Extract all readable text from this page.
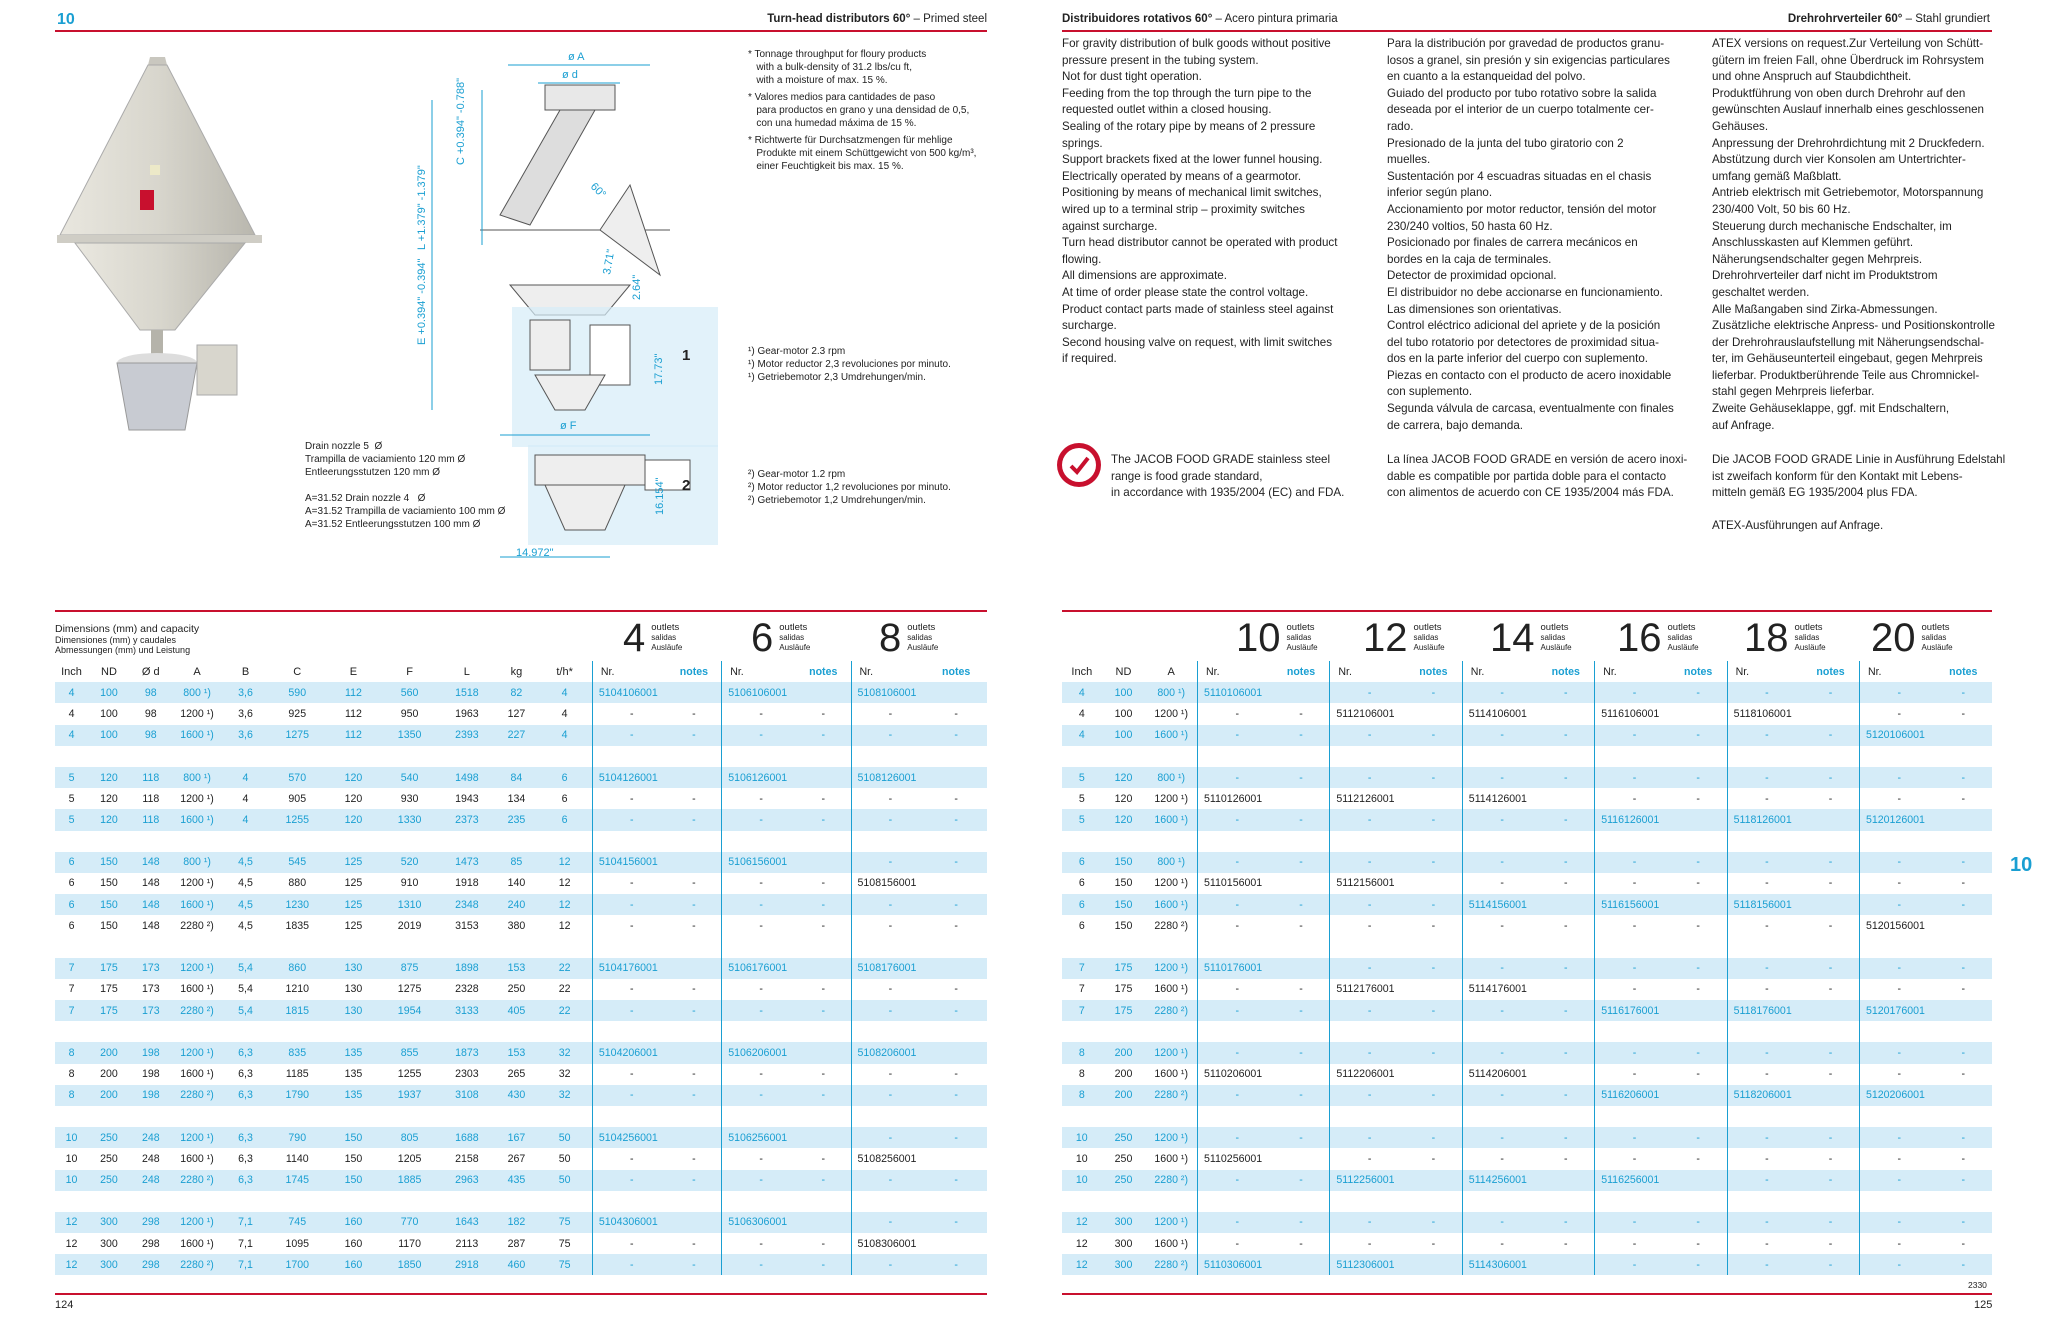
10	Turn-head distributors 60° – Primed steel	Distribuidores rotativos 60° – Acero pintura primaria	Drehrohrverteiler 60° – Stahl grundiert
ø A
ø d
60°
C +0.394" -0.788"
L +1.379" -1.379"
E +0.394" -0.394"	2.64"
17.73"
3.71"
ø F
1
16.154" 2
14.972"
Drain nozzle 5  Ø
Trampilla de vaciamiento 120 mm Ø
Entleerungsstutzen 120 mm Ø

A=31.52 Drain nozzle 4   Ø
A=31.52 Trampilla de vaciamiento 100 mm Ø
A=31.52 Entleerungsstutzen 100 mm Ø
* Tonnage throughput for floury products
with a bulk-density of 31.2 lbs/cu ft,
with a moisture of max. 15 %.
* Valores medios para cantidades de paso
para productos en grano y una densidad de 0,5,
con una humedad máxima de 15 %.
* Richtwerte für Durchsatzmengen für mehlige
Produkte mit einem Schüttgewicht von 500 kg/m³,
einer Feuchtigkeit bis max. 15 %.
¹) Gear-motor 2.3 rpm
¹) Motor reductor 2,3 revoluciones por minuto.
¹) Getriebemotor 2,3 Umdrehungen/min.
²) Gear-motor 1.2 rpm
²) Motor reductor 1,2 revoluciones por minuto.
²) Getriebemotor 1,2 Umdrehungen/min.
For gravity distribution of bulk goods without positive
pressure present in the tubing system.
Not for dust tight operation.
Feeding from the top through the turn pipe to the
requested outlet within a closed housing.
Sealing of the rotary pipe by means of 2 pressure
springs.
Support brackets fixed at the lower funnel housing.
Electrically operated by means of a gearmotor.
Positioning by means of mechanical limit switches,
wired up to a terminal strip – proximity switches
against surcharge.
Turn head distributor cannot be operated with product
flowing.
All dimensions are approximate.
At time of order please state the control voltage.
Product contact parts made of stainless steel against
surcharge.
Second housing valve on request, with limit switches
if required.
Para la distribución por gravedad de productos granu-
losos a granel, sin presión y sin exigencias particulares
en cuanto a la estanqueidad del polvo.
Guiado del producto por tubo rotativo sobre la salida
deseada por el interior de un cuerpo totalmente cer-
rado.
Presionado de la junta del tubo giratorio con 2
muelles.
Sustentación por 4 escuadras situadas en el chasis
inferior según plano.
Accionamiento por motor reductor, tensión del motor
230/240 voltios, 50 hasta 60 Hz.
Posicionado por finales de carrera mecánicos en
bordes en la caja de terminales.
Detector de proximidad opcional.
El distribuidor no debe accionarse en funcionamiento.
Las dimensiones son orientativas.
Control eléctrico adicional del apriete y de la posición
del tubo rotatorio por detectores de proximidad situa-
dos en la parte inferior del cuerpo con suplemento.
Piezas en contacto con el producto de acero inoxidable
con suplemento.
Segunda válvula de carcasa, eventualmente con finales
de carrera, bajo demanda.
ATEX versions on request.Zur Verteilung von Schütt-
gütern im freien Fall, ohne Überdruck im Rohrsystem
und ohne Anspruch auf Staubdichtheit.
Produktführung von oben durch Drehrohr auf den
gewünschten Auslauf innerhalb eines geschlossenen
Gehäuses.
Anpressung der Drehrohrdichtung mit 2 Druckfedern.
Abstützung durch vier Konsolen am Untertrichter-
umfang gemäß Maßblatt.
Antrieb elektrisch mit Getriebemotor, Motorspannung
230/400 Volt, 50 bis 60 Hz.
Steuerung durch mechanische Endschalter, im
Anschlusskasten auf Klemmen geführt.
Näherungsendschalter gegen Mehrpreis.
Drehrohrverteiler darf nicht im Produktstrom
geschaltet werden.
Alle Maßangaben sind Zirka-Abmessungen.
Zusätzliche elektrische Anpress- und Positionskontrolle
der Drehrohrauslaufstellung mit Näherungsendschal-
ter, im Gehäuseunterteil eingebaut, gegen Mehrpreis
lieferbar. Produktberührende Teile aus Chromnickel-
stahl gegen Mehrpreis lieferbar.
Zweite Gehäuseklappe, ggf. mit Endschaltern,
auf Anfrage.
The JACOB FOOD GRADE stainless steel
range is food grade standard,
in accordance with 1935/2004 (EC) and FDA.
La línea JACOB FOOD GRADE en versión de acero inoxi-
dable es compatible por partida doble para el contacto
con alimentos de acuerdo con CE 1935/2004 más FDA.
Die JACOB FOOD GRADE Linie in Ausführung Edelstahl
ist zweifach konform für den Kontakt mit Lebens-
mitteln gemäß EG 1935/2004 plus FDA.

ATEX-Ausführungen auf Anfrage.
Dimensions (mm) and capacity
Dimensiones (mm) y caudales
Abmessungen (mm) und Leistung	4 outlets
salidas
Ausläufe 6 outlets
salidas
Ausläufe 8 outlets
salidas
Ausläufe	10 outlets
salidas
Ausläufe 12 outlets
salidas
Ausläufe 14 outlets
salidas
Ausläufe 16 outlets
salidas
Ausläufe 18 outlets
salidas
Ausläufe 20 outlets
salidas
Ausläufe
Inch	ND	Ø d	A	B	C	E	F	L	kg	t/h*	Nr.	notes	Nr.	notes	Nr.	notes
4	100	98	800 ¹)	3,6	590	112	560	1518	82	4	5104106001		5106106001		5108106001	
4	100	98	1200 ¹)	3,6	925	112	950	1963	127	4	-	-	-	-	-	-
4	100	98	1600 ¹)	3,6	1275	112	1350	2393	227	4	-	-	-	-	-	-

5	120	118	800 ¹)	4	570	120	540	1498	84	6	5104126001		5106126001		5108126001	
5	120	118	1200 ¹)	4	905	120	930	1943	134	6	-	-	-	-	-	-
5	120	118	1600 ¹)	4	1255	120	1330	2373	235	6	-	-	-	-	-	-

6	150	148	800 ¹)	4,5	545	125	520	1473	85	12	5104156001		5106156001		-	-
6	150	148	1200 ¹)	4,5	880	125	910	1918	140	12	-	-	-	-	5108156001	
6	150	148	1600 ¹)	4,5	1230	125	1310	2348	240	12	-	-	-	-	-	-
6	150	148	2280 ²)	4,5	1835	125	2019	3153	380	12	-	-	-	-	-	-

7	175	173	1200 ¹)	5,4	860	130	875	1898	153	22	5104176001		5106176001		5108176001	
7	175	173	1600 ¹)	5,4	1210	130	1275	2328	250	22	-	-	-	-	-	-
7	175	173	2280 ²)	5,4	1815	130	1954	3133	405	22	-	-	-	-	-	-

8	200	198	1200 ¹)	6,3	835	135	855	1873	153	32	5104206001		5106206001		5108206001	
8	200	198	1600 ¹)	6,3	1185	135	1255	2303	265	32	-	-	-	-	-	-
8	200	198	2280 ²)	6,3	1790	135	1937	3108	430	32	-	-	-	-	-	-

10	250	248	1200 ¹)	6,3	790	150	805	1688	167	50	5104256001		5106256001		-	-
10	250	248	1600 ¹)	6,3	1140	150	1205	2158	267	50	-	-	-	-	5108256001	
10	250	248	2280 ²)	6,3	1745	150	1885	2963	435	50	-	-	-	-	-	-

12	300	298	1200 ¹)	7,1	745	160	770	1643	182	75	5104306001		5106306001		-	-
12	300	298	1600 ¹)	7,1	1095	160	1170	2113	287	75	-	-	-	-	5108306001	
12	300	298	2280 ²)	7,1	1700	160	1850	2918	460	75	-	-	-	-	-	-
Inch	ND	A	Nr.	notes	Nr.	notes	Nr.	notes	Nr.	notes	Nr.	notes	Nr.	notes
4	100	800 ¹)	5110106001		-	-	-	-	-	-	-	-	-	-
4	100	1200 ¹)	-	-	5112106001		5114106001		5116106001		5118106001		-	-
4	100	1600 ¹)	-	-	-	-	-	-	-	-	-	-	5120106001	

5	120	800 ¹)	-	-	-	-	-	-	-	-	-	-	-	-
5	120	1200 ¹)	5110126001		5112126001		5114126001		-	-	-	-	-	-
5	120	1600 ¹)	-	-	-	-	-	-	5116126001		5118126001		5120126001	

6	150	800 ¹)	-	-	-	-	-	-	-	-	-	-	-	-
6	150	1200 ¹)	5110156001		5112156001		-	-	-	-	-	-	-	-
6	150	1600 ¹)	-	-	-	-	5114156001		5116156001		5118156001		-	-
6	150	2280 ²)	-	-	-	-	-	-	-	-	-	-	5120156001	

7	175	1200 ¹)	5110176001		-	-	-	-	-	-	-	-	-	-
7	175	1600 ¹)	-	-	5112176001		5114176001		-	-	-	-	-	-
7	175	2280 ²)	-	-	-	-	-	-	5116176001		5118176001		5120176001	

8	200	1200 ¹)	-	-	-	-	-	-	-	-	-	-	-	-
8	200	1600 ¹)	5110206001		5112206001		5114206001		-	-	-	-	-	-
8	200	2280 ²)	-	-	-	-	-	-	5116206001		5118206001		5120206001	

10	250	1200 ¹)	-	-	-	-	-	-	-	-	-	-	-	-
10	250	1600 ¹)	5110256001		-	-	-	-	-	-	-	-	-	-
10	250	2280 ²)	-	-	5112256001		5114256001		5116256001		-	-	-	-

12	300	1200 ¹)	-	-	-	-	-	-	-	-	-	-	-	-
12	300	1600 ¹)	-	-	-	-	-	-	-	-	-	-	-	-
12	300	2280 ²)	5110306001		5112306001		5114306001		-	-	-	-	-	-
10
2330
124	125
